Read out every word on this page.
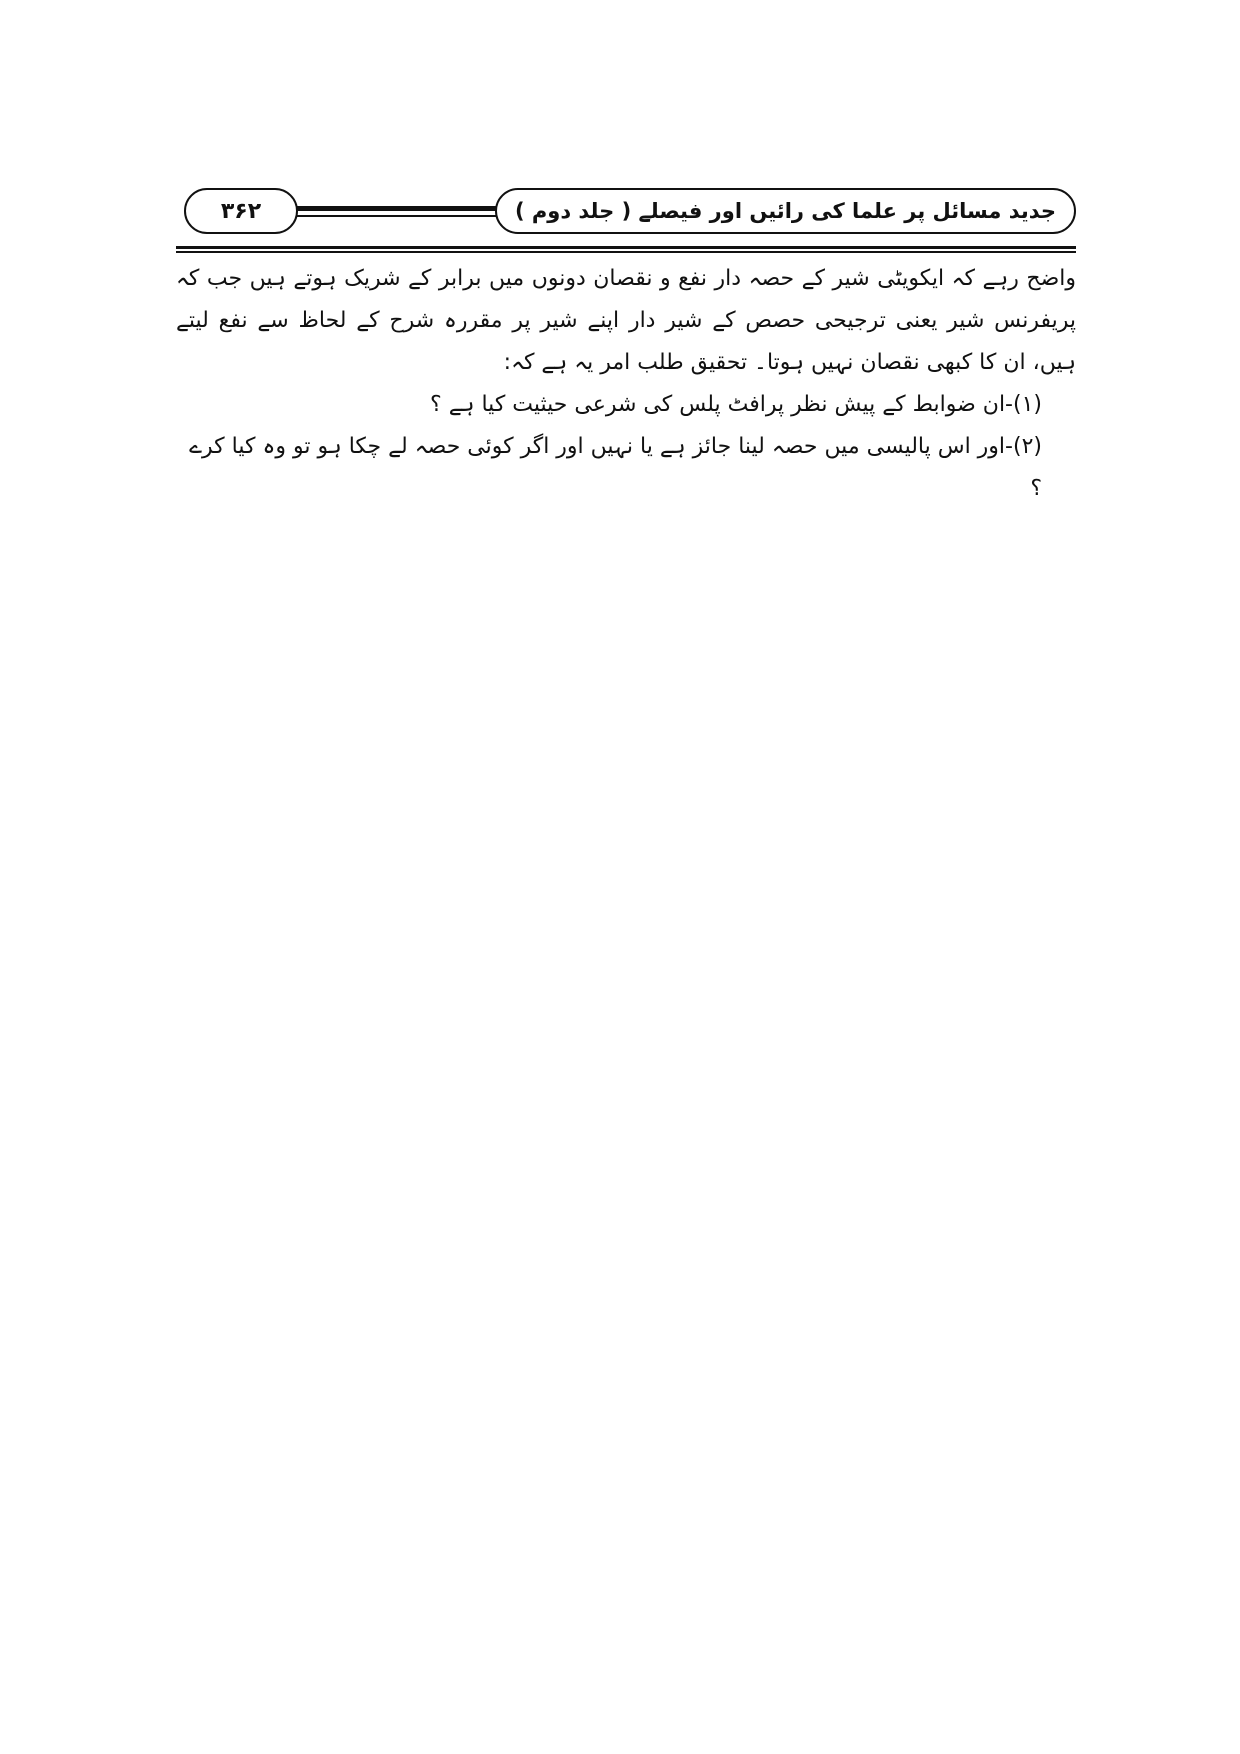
۳۶۲	جدید مسائل پر علما کی رائیں اور فیصلے ( جلد دوم )

واضح رہے کہ ایکویٹی شیر کے حصہ دار نفع و نقصان دونوں میں برابر کے شریک ہوتے ہیں جب کہ پریفرنس شیر یعنی ترجیحی حصص کے شیر دار اپنے شیر پر مقررہ شرح کے لحاظ سے نفع لیتے ہیں، ان کا کبھی نقصان نہیں ہوتا۔ تحقیق طلب امر یہ ہے کہ:

(۱)-ان ضوابط کے پیش نظر پرافٹ پلس کی شرعی حیثیت کیا ہے ؟

(۲)-اور اس پالیسی میں حصہ لینا جائز ہے یا نہیں اور اگر کوئی حصہ لے چکا ہو تو وہ کیا کرے ؟
